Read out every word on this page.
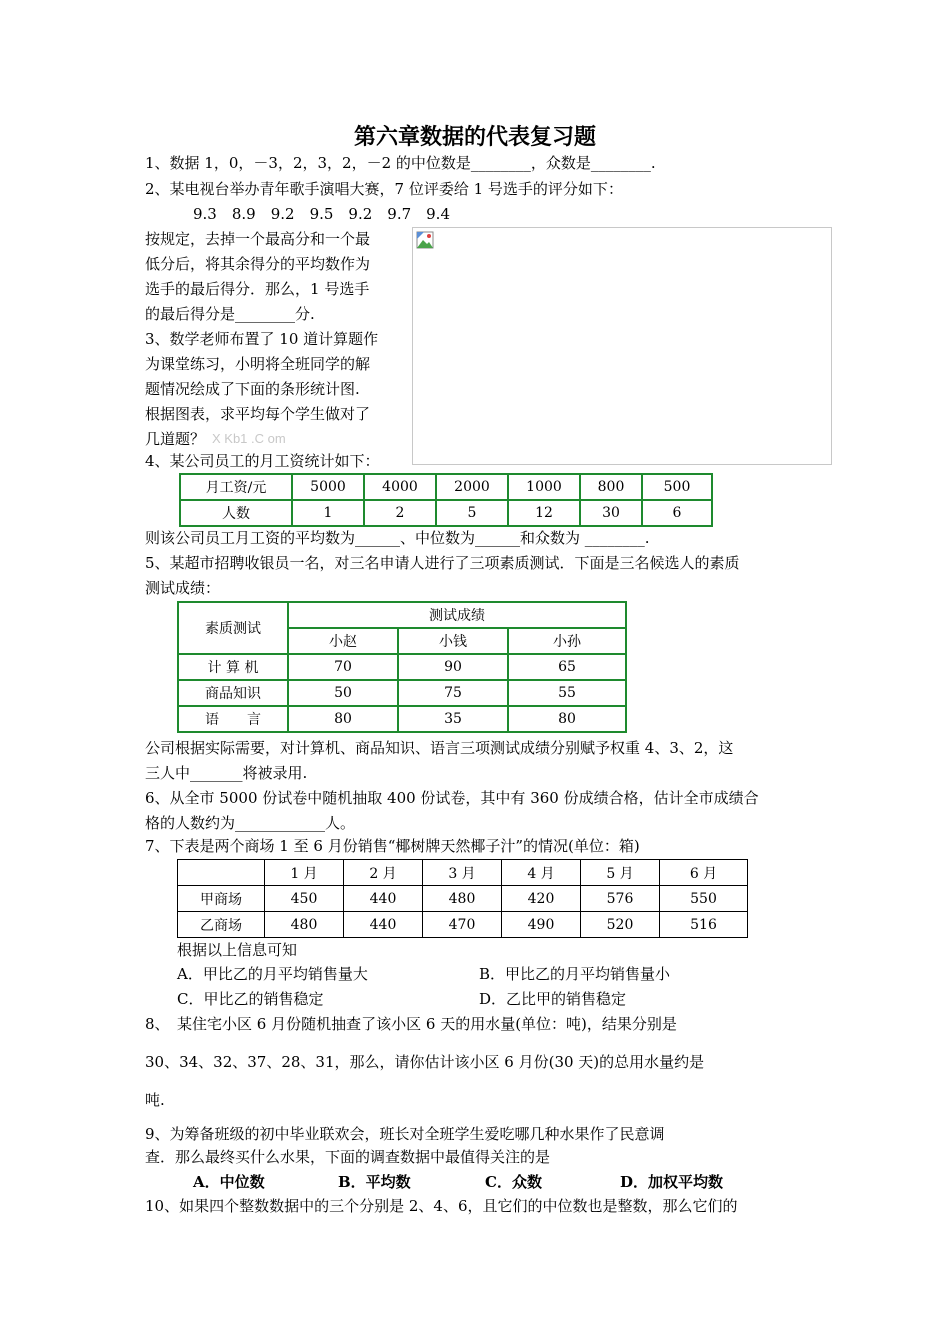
第六章数据的代表复习题
1、数据 1，0，－3，2，3，2，－2 的中位数是________，众数是________.
2、某电视台举办青年歌手演唱大赛，7 位评委给 1 号选手的评分如下：
9.3　8.9　9.2　9.5　9.2　9.7　9.4
按规定，去掉一个最高分和一个最
低分后，将其余得分的平均数作为
选手的最后得分．那么，1 号选手
的最后得分是________分.
3、数学老师布置了 10 道计算题作
为课堂练习，小明将全班同学的解
题情况绘成了下面的条形统计图.
根据图表，求平均每个学生做对了
几道题？ X Kb1 .C om
4、某公司员工的月工资统计如下：
月工资/元	5000	4000	2000	1000	800	500
人数	1	2	5	12	30	6
则该公司员工月工资的平均数为______、中位数为______和众数为 ________.
5、某超市招聘收银员一名，对三名申请人进行了三项素质测试．下面是三名候选人的素质
测试成绩：
素质测试	测试成绩		
	小赵	小钱	小孙
计 算 机	70	90	65
商品知识	50	75	55
语　　言	80	35	80
公司根据实际需要，对计算机、商品知识、语言三项测试成绩分别赋予权重 4、3、2，这
三人中_______将被录用.
6、从全市 5000 份试卷中随机抽取 400 份试卷，其中有 360 份成绩合格，估计全市成绩合
格的人数约为____________人。
7、下表是两个商场 1 至 6 月份销售“椰树牌天然椰子汁”的情况(单位：箱)
	1 月	2 月	3 月	4 月	5 月	6 月
甲商场	450	440	480	420	576	550
乙商场	480	440	470	490	520	516
根据以上信息可知
A．甲比乙的月平均销售量大	B．甲比乙的月平均销售量小
C．甲比乙的销售稳定	D．乙比甲的销售稳定
8、　某住宅小区 6 月份随机抽查了该小区 6 天的用水量(单位：吨)，结果分别是
30、34、32、37、28、31，那么，请你估计该小区 6 月份(30 天)的总用水量约是
吨.
9、为筹备班级的初中毕业联欢会，班长对全班学生爱吃哪几种水果作了民意调
查．那么最终买什么水果，下面的调查数据中最值得关注的是
A．中位数	B．平均数	C．众数	D．加权平均数
10、如果四个整数数据中的三个分别是 2、4、6，且它们的中位数也是整数，那么它们的
